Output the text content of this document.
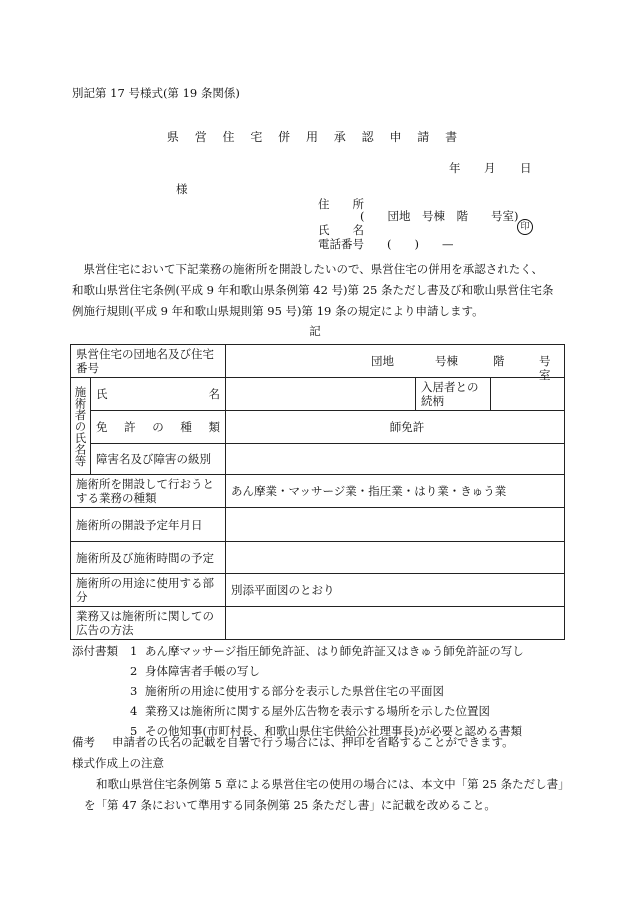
別記第 17 号様式(第 19 条関係)
県 営 住 宅 併 用 承 認 申 請 書
年 月 日
様
住　　所
(　　団地　号棟　階　　号室)
氏　　名	印
電話番号　　(　　)　　—

　県営住宅において下記業務の施術所を開設したいので、県営住宅の併用を承認されたく、

和歌山県営住宅条例(平成 9 年和歌山県条例第 42 号)第 25 条ただし書及び和歌山県営住宅条

例施行規則(平成 9 年和歌山県規則第 95 号)第 19 条の規定により申請します。

記
県営住宅の団地名及び住宅番号		団地 号棟 階 号室		

施術者の氏名等	氏 名		入居者との続柄	

	免 許 の 種 類	師免許		
	障害名及び障害の級別			
施術所を開設して行おうとする業務の種類		あん摩業・マッサージ業・指圧業・はり業・きゅう業		
施術所の開設予定年月日				
施術所及び施術時間の予定				
施術所の用途に使用する部分		別添平面図のとおり		
業務又は施術所に関しての広告の方法				
添付書類 1 あん摩マッサージ指圧師免許証、はり師免許証又はきゅう師免許証の写し
2 身体障害者手帳の写し
3 施術所の用途に使用する部分を表示した県営住宅の平面図
4 業務又は施術所に関する屋外広告物を表示する場所を示した位置図
5 その他知事(市町村長、和歌山県住宅供給公社理事長)が必要と認める書類
備考 申請者の氏名の記載を自署で行う場合には、押印を省略することができます。
様式作成上の注意
和歌山県営住宅条例第 5 章による県営住宅の使用の場合には、本文中「第 25 条ただし書」
を「第 47 条において準用する同条例第 25 条ただし書」に記載を改めること。
